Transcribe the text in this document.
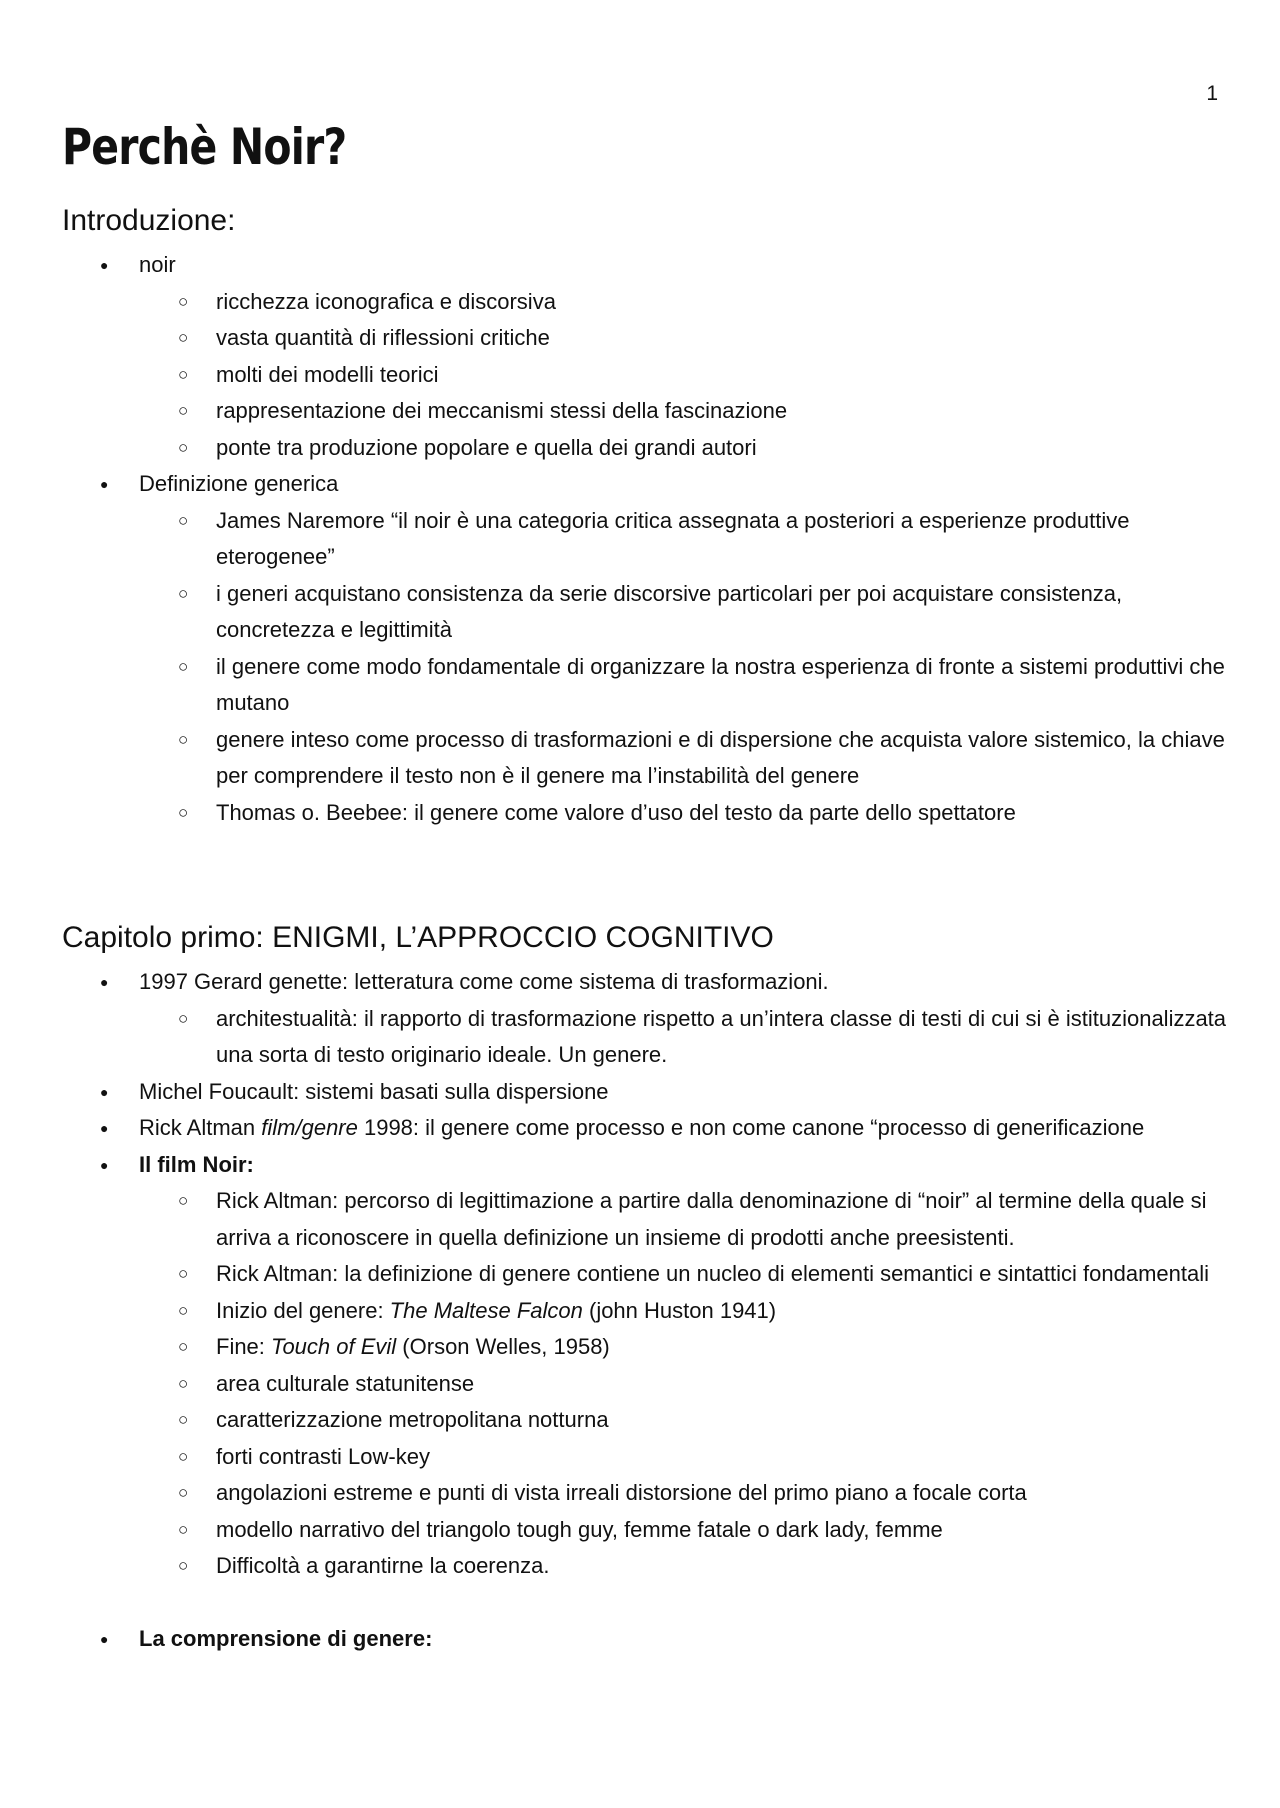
1
Perchè Noir?
Introduzione:
● noir
○ ricchezza iconografica e discorsiva
○ vasta quantità di riflessioni critiche
○ molti dei modelli teorici
○ rappresentazione dei meccanismi stessi della fascinazione
○ ponte tra produzione popolare e quella dei grandi autori
● Definizione generica
○ James Naremore “il noir è una categoria critica assegnata a posteriori a esperienze produttive eterogenee”
○ i generi acquistano consistenza da serie discorsive particolari per poi acquistare consistenza, concretezza e legittimità
○ il genere come modo fondamentale di organizzare la nostra esperienza di fronte a sistemi produttivi che mutano
○ genere inteso come processo di trasformazioni e di dispersione che acquista valore sistemico, la chiave per comprendere il testo non è il genere ma l’instabilità del genere
○ Thomas o. Beebee: il genere come valore d’uso del testo da parte dello spettatore
Capitolo primo: ENIGMI, L’APPROCCIO COGNITIVO
● 1997 Gerard genette: letteratura come come sistema di trasformazioni.
○ architestualità: il rapporto di trasformazione rispetto a un’intera classe di testi di cui si è istituzionalizzata una sorta di testo originario ideale. Un genere.
● Michel Foucault: sistemi basati sulla dispersione
● Rick Altman film/genre 1998: il genere come processo e non come canone “processo di generificazione
● Il film Noir:
○ Rick Altman: percorso di legittimazione a partire dalla denominazione di “noir” al termine della quale si arriva a riconoscere in quella definizione un insieme di prodotti anche preesistenti.
○ Rick Altman: la definizione di genere contiene un nucleo di elementi semantici e sintattici fondamentali
○ Inizio del genere: The Maltese Falcon (john Huston 1941)
○ Fine: Touch of Evil (Orson Welles, 1958)
○ area culturale statunitense
○ caratterizzazione metropolitana notturna
○ forti contrasti Low-key
○ angolazioni estreme e punti di vista irreali distorsione del primo piano a focale corta
○ modello narrativo del triangolo tough guy, femme fatale o dark lady, femme
○ Difficoltà a garantirne la coerenza.
● La comprensione di genere:
